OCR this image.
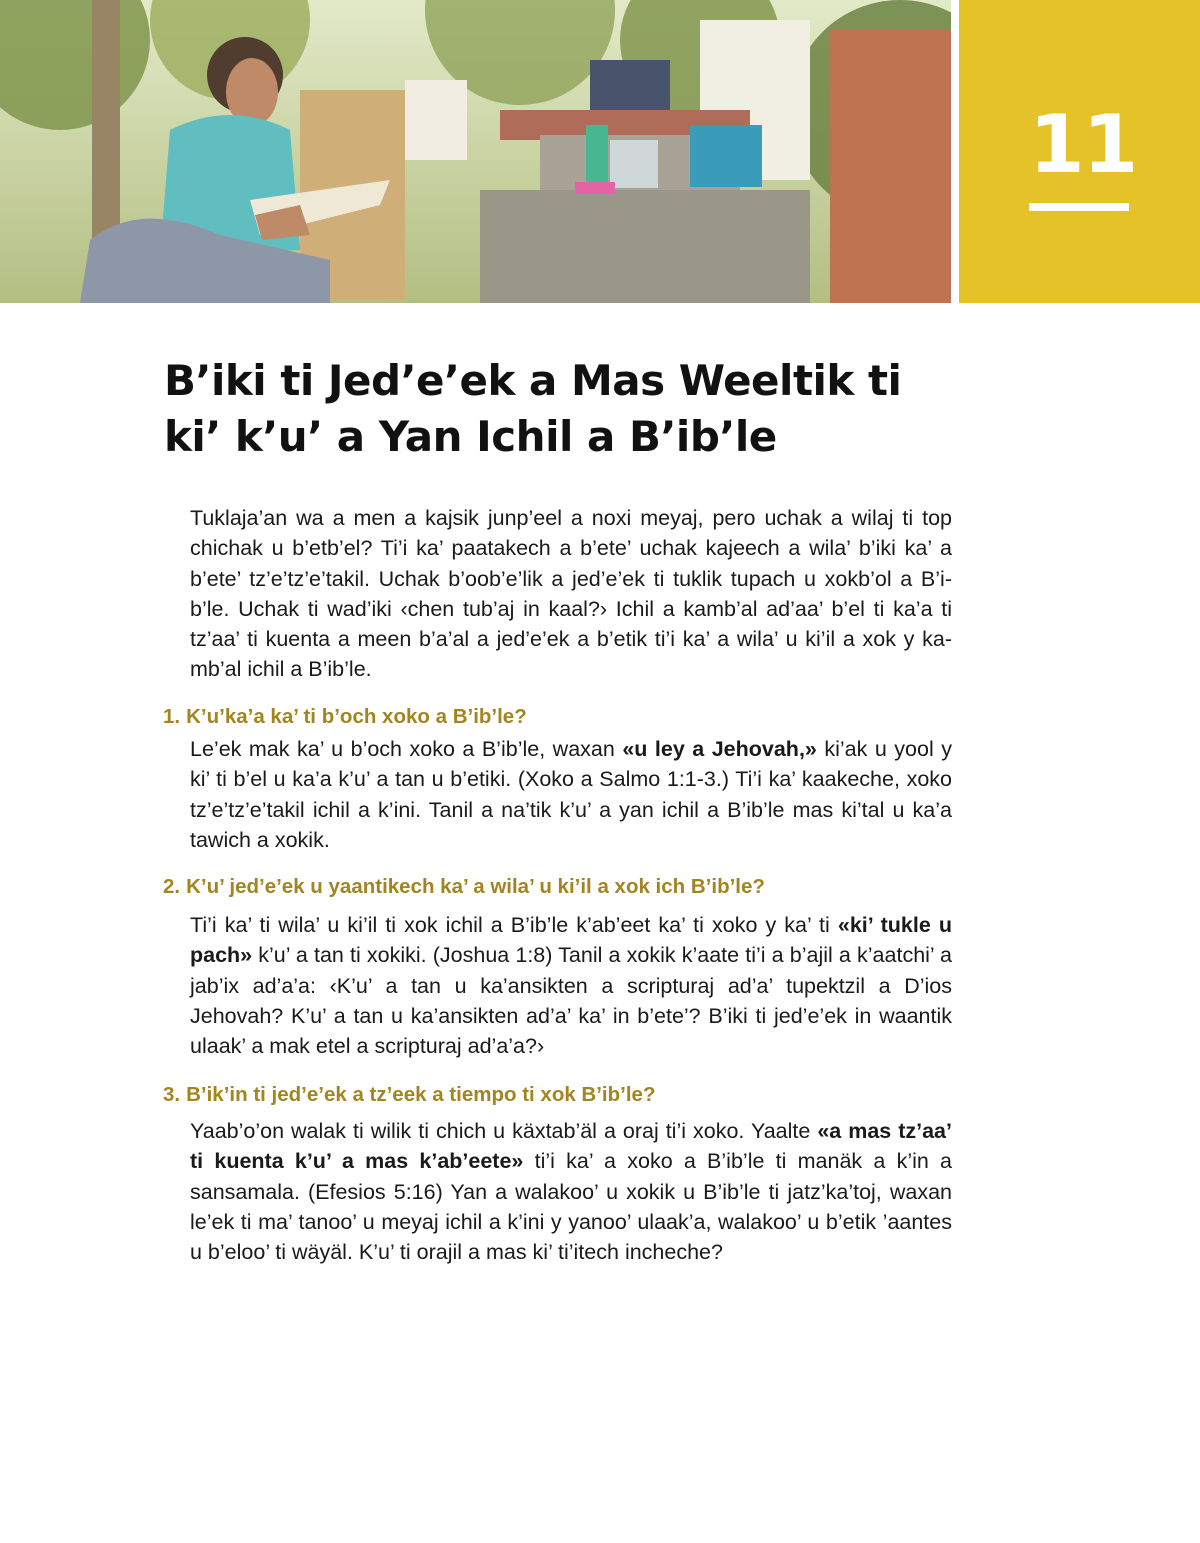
11
B’iki ti Jed’e’ek a Mas Weeltik ti
ki’ k’u’ a Yan Ichil a B’ib’le

Tuklaja’an wa a men a kajsik junp’eel a noxi meyaj, pero uchak a wilaj ti top chichak u b’etb’el? Ti’i ka’ paatakech a b’ete’ uchak kajeech a wila’ b’iki ka’ a b’ete’ tz’e’tz’e’takil. Uchak b’oob’e’lik a jed’e’ek ti tuklik tupach u xokb’ol a B’i-b’le. Uchak ti wad’iki ‹chen tub’aj in kaal?› Ichil a kamb’al ad’aa’ b’el ti ka’a ti tz’aa’ ti kuenta a meen b’a’al a jed’e’ek a b’etik ti’i ka’ a wila’ u ki’il a xok y ka-mb’al ichil a B’ib’le.

1. K’u’ka’a ka’ ti b’och xoko a B’ib’le?

Le’ek mak ka’ u b’och xoko a B’ib’le, waxan «u ley a Jehovah,» ki’ak u yool y ki’ ti b’el u ka’a k’u’ a tan u b’etiki. (Xoko a Salmo 1:1-3.) Ti’i ka’ kaakeche, xoko tz’e’tz’e’takil ichil a k’ini. Tanil a na’tik k’u’ a yan ichil a B’ib’le mas ki’tal u ka’a tawich a xokik.

2. K’u’ jed’e’ek u yaantikech ka’ a wila’ u ki’il a xok ich B’ib’le?

Ti’i ka’ ti wila’ u ki’il ti xok ichil a B’ib’le k’ab’eet ka’ ti xoko y ka’ ti «ki’ tukle u pach» k’u’ a tan ti xokiki. (Joshua 1:8) Tanil a xokik k’aate ti’i a b’ajil a k’aatchi’ a jab’ix ad’a’a: ‹K’u’ a tan u ka’ansikten a scripturaj ad’a’ tupektzil a D’ios Jehovah? K’u’ a tan u ka’ansikten ad’a’ ka’ in b’ete’? B’iki ti jed’e’ek in waantik ulaak’ a mak etel a scripturaj ad’a’a?›

3. B’ik’in ti jed’e’ek a tz’eek a tiempo ti xok B’ib’le?

Yaab’o’on walak ti wilik ti chich u käxtab’äl a oraj ti’i xoko. Yaalte «a mas tz’aa’ ti kuenta k’u’ a mas k’ab’eete» ti’i ka’ a xoko a B’ib’le ti manäk a k’in a sansamala. (Efesios 5:16) Yan a walakoo’ u xokik u B’ib’le ti jatz’ka’toj, waxan le’ek ti ma’ tanoo’ u meyaj ichil a k’ini y yanoo’ ulaak’a, walakoo’ u b’etik ’aantes u b’eloo’ ti wäyäl. K’u’ ti orajil a mas ki’ ti’itech incheche?
